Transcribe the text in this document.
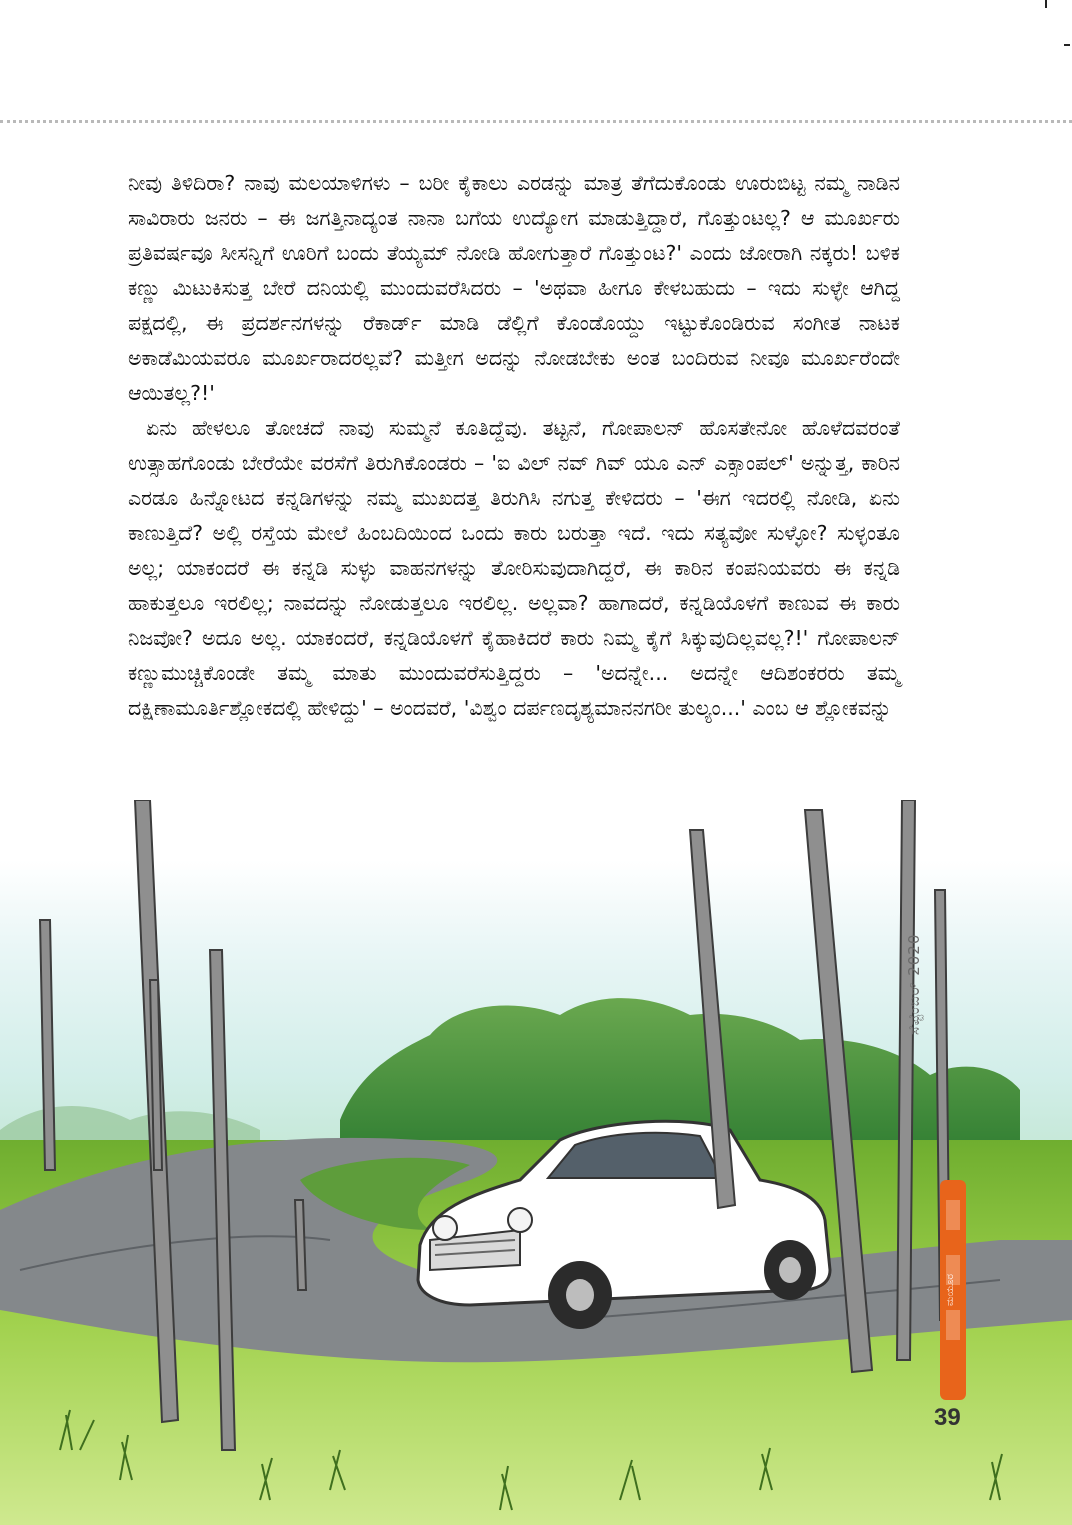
ನೀವು ತಿಳಿದಿರಾ? ನಾವು ಮಲಯಾಳಿಗಳು – ಬರೀ ಕೈಕಾಲು ಎರಡನ್ನು ಮಾತ್ರ ತೆಗೆದುಕೊಂಡು ಊರುಬಿಟ್ಟ ನಮ್ಮ ನಾಡಿನ ಸಾವಿರಾರು ಜನರು – ಈ ಜಗತ್ತಿನಾದ್ಯಂತ ನಾನಾ ಬಗೆಯ ಉದ್ಯೋಗ ಮಾಡುತ್ತಿದ್ದಾರೆ, ಗೊತ್ತುಂಟಲ್ಲ? ಆ ಮೂರ್ಖರು ಪ್ರತಿವರ್ಷವೂ ಸೀಸನ್ನಿಗೆ ಊರಿಗೆ ಬಂದು ತೆಯ್ಯಮ್ ನೋಡಿ ಹೋಗುತ್ತಾರೆ ಗೊತ್ತುಂಟ?' ಎಂದು ಜೋರಾಗಿ ನಕ್ಕರು! ಬಳಿಕ ಕಣ್ಣು ಮಿಟುಕಿಸುತ್ತ ಬೇರೆ ದನಿಯಲ್ಲಿ ಮುಂದುವರೆಸಿದರು – 'ಅಥವಾ ಹೀಗೂ ಕೇಳಬಹುದು – ಇದು ಸುಳ್ಳೇ ಆಗಿದ್ದ ಪಕ್ಷದಲ್ಲಿ, ಈ ಪ್ರದರ್ಶನಗಳನ್ನು ರೆಕಾರ್ಡ್ ಮಾಡಿ ಡೆಲ್ಲಿಗೆ ಕೊಂಡೊಯ್ದು ಇಟ್ಟುಕೊಂಡಿರುವ ಸಂಗೀತ ನಾಟಕ ಅಕಾಡೆಮಿಯವರೂ ಮೂರ್ಖರಾದರಲ್ಲವೆ? ಮತ್ತೀಗ ಅದನ್ನು ನೋಡಬೇಕು ಅಂತ ಬಂದಿರುವ ನೀವೂ ಮೂರ್ಖರೆಂದೇ ಆಯಿತಲ್ಲ?!'

ಏನು ಹೇಳಲೂ ತೋಚದೆ ನಾವು ಸುಮ್ಮನೆ ಕೂತಿದ್ದೆವು. ತಟ್ಟನೆ, ಗೋಪಾಲನ್ ಹೊಸತೇನೋ ಹೊಳೆದವರಂತೆ ಉತ್ಸಾಹಗೊಂಡು ಬೇರೆಯೇ ವರಸೆಗೆ ತಿರುಗಿಕೊಂಡರು – 'ಐ ವಿಲ್ ನವ್ ಗಿವ್ ಯೂ ಎನ್ ಎಕ್ಸಾಂಪಲ್' ಅನ್ನುತ್ತ, ಕಾರಿನ ಎರಡೂ ಹಿನ್ನೋಟದ ಕನ್ನಡಿಗಳನ್ನು ನಮ್ಮ ಮುಖದತ್ತ ತಿರುಗಿಸಿ ನಗುತ್ತ ಕೇಳಿದರು – 'ಈಗ ಇದರಲ್ಲಿ ನೋಡಿ, ಏನು ಕಾಣುತ್ತಿದೆ? ಅಲ್ಲಿ ರಸ್ತೆಯ ಮೇಲೆ ಹಿಂಬದಿಯಿಂದ ಒಂದು ಕಾರು ಬರುತ್ತಾ ಇದೆ. ಇದು ಸತ್ಯವೋ ಸುಳ್ಳೋ? ಸುಳ್ಳಂತೂ ಅಲ್ಲ; ಯಾಕಂದರೆ ಈ ಕನ್ನಡಿ ಸುಳ್ಳು ವಾಹನಗಳನ್ನು ತೋರಿಸುವುದಾಗಿದ್ದರೆ, ಈ ಕಾರಿನ ಕಂಪನಿಯವರು ಈ ಕನ್ನಡಿ ಹಾಕುತ್ತಲೂ ಇರಲಿಲ್ಲ; ನಾವದನ್ನು ನೋಡುತ್ತಲೂ ಇರಲಿಲ್ಲ. ಅಲ್ಲವಾ? ಹಾಗಾದರೆ, ಕನ್ನಡಿಯೊಳಗೆ ಕಾಣುವ ಈ ಕಾರು ನಿಜವೋ? ಅದೂ ಅಲ್ಲ. ಯಾಕಂದರೆ, ಕನ್ನಡಿಯೊಳಗೆ ಕೈಹಾಕಿದರೆ ಕಾರು ನಿಮ್ಮ ಕೈಗೆ ಸಿಕ್ಕುವುದಿಲ್ಲವಲ್ಲ?!' ಗೋಪಾಲನ್ ಕಣ್ಣುಮುಚ್ಚಿಕೊಂಡೇ ತಮ್ಮ ಮಾತು ಮುಂದುವರೆಸುತ್ತಿದ್ದರು – 'ಅದನ್ನೇ... ಅದನ್ನೇ ಆದಿಶಂಕರರು ತಮ್ಮ ದಕ್ಷಿಣಾಮೂರ್ತಿಶ್ಲೋಕದಲ್ಲಿ ಹೇಳಿದ್ದು' – ಅಂದವರೆ, 'ವಿಶ್ವಂ ದರ್ಪಣದೃಶ್ಯಮಾನನಗರೀ ತುಲ್ಯಂ...' ಎಂಬ ಆ ಶ್ಲೋಕವನ್ನು

ಸೆಪ್ಟೆಂಬರ್ 2020
ಮಯೂರ
39
